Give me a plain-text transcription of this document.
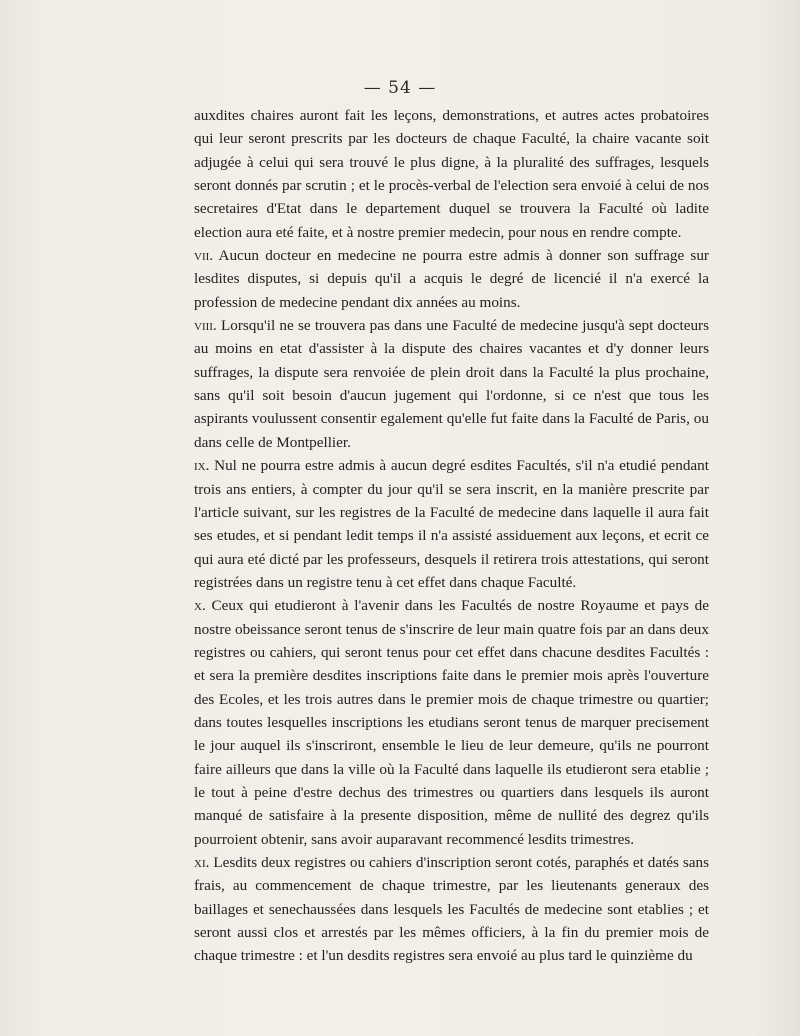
— 54 —

auxdites chaires auront fait les leçons, demonstrations, et autres actes probatoires qui leur seront prescrits par les docteurs de chaque Faculté, la chaire vacante soit adjugée à celui qui sera trouvé le plus digne, à la pluralité des suffrages, lesquels seront donnés par scrutin ; et le procès-verbal de l'election sera envoié à celui de nos secretaires d'Etat dans le departement duquel se trouvera la Faculté où ladite election aura eté faite, et à nostre premier medecin, pour nous en rendre compte.

vii. Aucun docteur en medecine ne pourra estre admis à donner son suffrage sur lesdites disputes, si depuis qu'il a acquis le degré de licencié il n'a exercé la profession de medecine pendant dix années au moins.

viii. Lorsqu'il ne se trouvera pas dans une Faculté de medecine jusqu'à sept docteurs au moins en etat d'assister à la dispute des chaires vacantes et d'y donner leurs suffrages, la dispute sera renvoiée de plein droit dans la Faculté la plus prochaine, sans qu'il soit besoin d'aucun jugement qui l'ordonne, si ce n'est que tous les aspirants voulussent consentir egalement qu'elle fut faite dans la Faculté de Paris, ou dans celle de Montpellier.

ix. Nul ne pourra estre admis à aucun degré esdites Facultés, s'il n'a etudié pendant trois ans entiers, à compter du jour qu'il se sera inscrit, en la manière prescrite par l'article suivant, sur les registres de la Faculté de medecine dans laquelle il aura fait ses etudes, et si pendant ledit temps il n'a assisté assiduement aux leçons, et ecrit ce qui aura eté dicté par les professeurs, desquels il retirera trois attestations, qui seront registrées dans un registre tenu à cet effet dans chaque Faculté.

x. Ceux qui etudieront à l'avenir dans les Facultés de nostre Royaume et pays de nostre obeissance seront tenus de s'inscrire de leur main quatre fois par an dans deux registres ou cahiers, qui seront tenus pour cet effet dans chacune desdites Facultés : et sera la première desdites inscriptions faite dans le premier mois après l'ouverture des Ecoles, et les trois autres dans le premier mois de chaque trimestre ou quartier; dans toutes lesquelles inscriptions les etudians seront tenus de marquer precisement le jour auquel ils s'inscriront, ensemble le lieu de leur demeure, qu'ils ne pourront faire ailleurs que dans la ville où la Faculté dans laquelle ils etudieront sera etablie ; le tout à peine d'estre dechus des trimestres ou quartiers dans lesquels ils auront manqué de satisfaire à la presente disposition, même de nullité des degrez qu'ils pourroient obtenir, sans avoir auparavant recommencé lesdits trimestres.

xi. Lesdits deux registres ou cahiers d'inscription seront cotés, paraphés et datés sans frais, au commencement de chaque trimestre, par les lieutenants generaux des baillages et senechaussées dans lesquels les Facultés de medecine sont etablies ; et seront aussi clos et arrestés par les mêmes officiers, à la fin du premier mois de chaque trimestre : et l'un desdits registres sera envoié au plus tard le quinzième du
